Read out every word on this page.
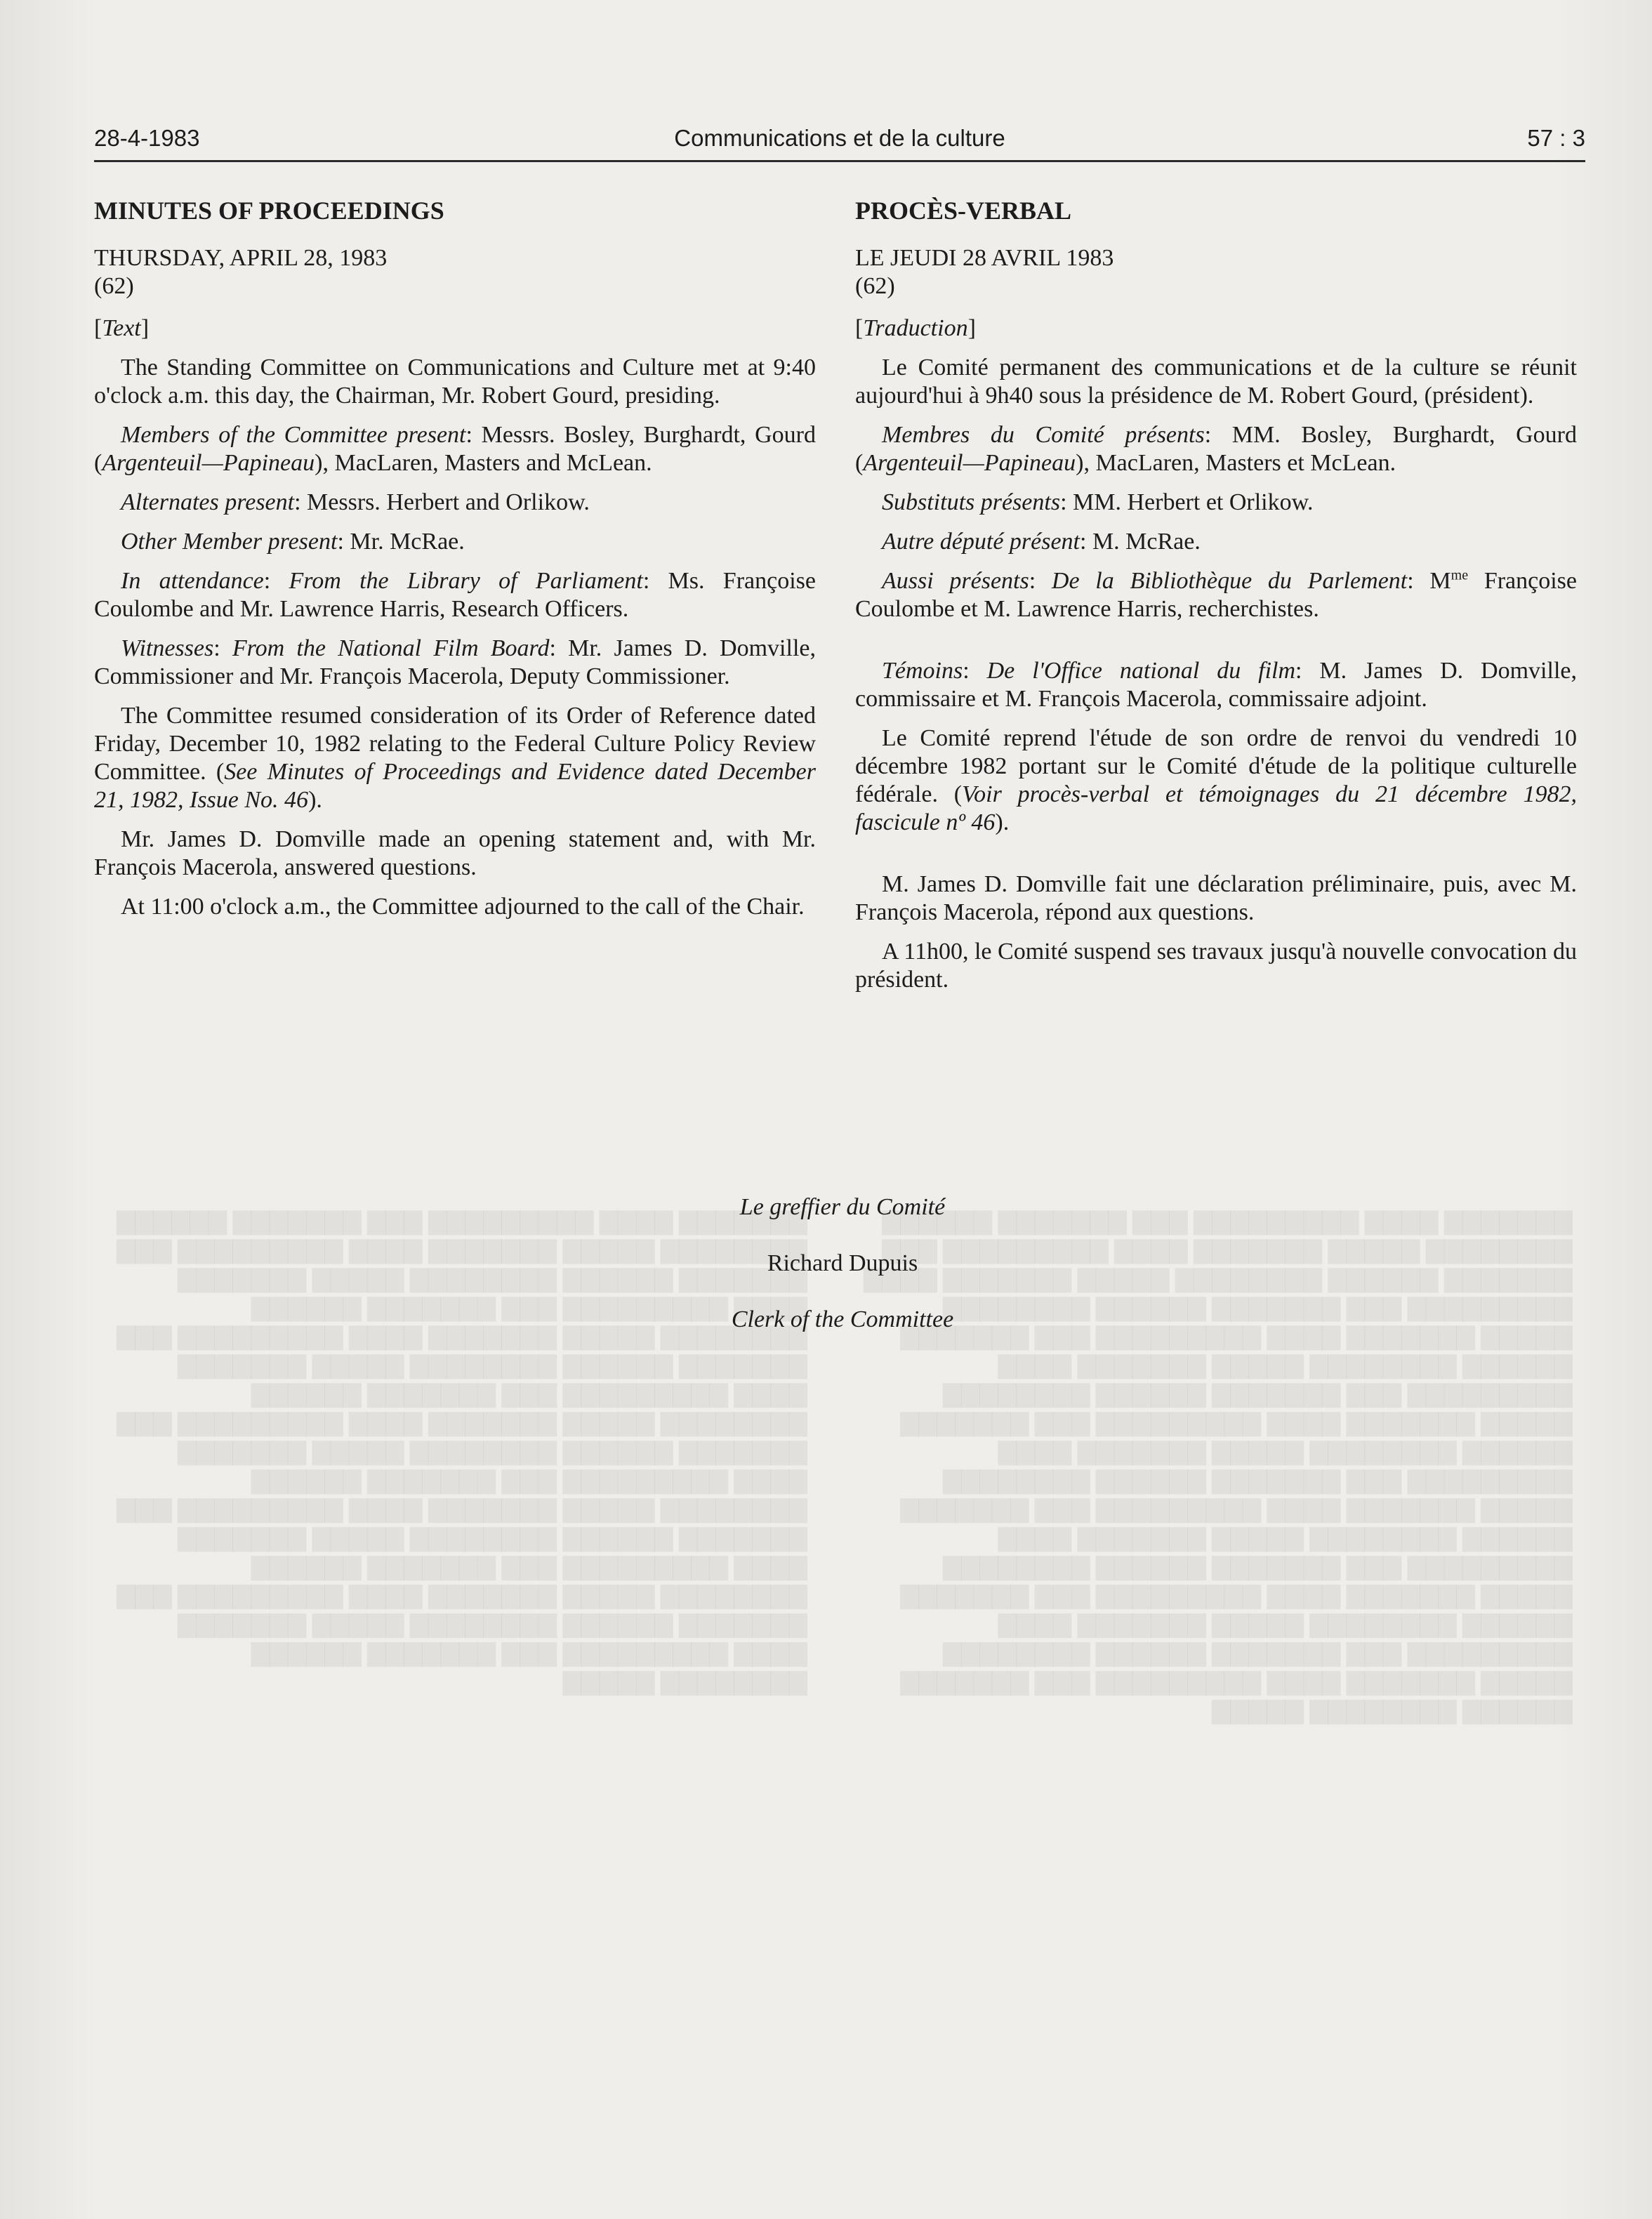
▇▇▇▇▇▇▇ ▇▇▇▇ ▇▇▇▇▇▇▇▇▇ ▇▇▇ ▇▇▇▇▇▇▇ ▇▇▇▇▇▇ ▇▇▇▇▇▇▇▇ ▇▇▇▇▇ ▇▇▇▇▇▇▇ ▇▇▇▇ ▇▇▇▇▇▇▇▇▇ ▇▇▇ ▇▇▇▇▇▇▇ ▇▇▇▇▇▇ ▇▇▇▇▇▇▇▇ ▇▇▇▇▇ ▇▇▇▇▇▇▇ ▇▇▇▇ ▇▇▇▇▇▇▇▇▇ ▇▇▇ ▇▇▇▇▇▇▇ ▇▇▇▇▇▇ ▇▇▇▇▇▇▇▇ ▇▇▇▇▇ ▇▇▇▇▇▇▇ ▇▇▇▇ ▇▇▇▇▇▇▇▇▇ ▇▇▇ ▇▇▇▇▇▇▇ ▇▇▇▇▇▇ ▇▇▇▇▇▇▇▇ ▇▇▇▇▇ ▇▇▇▇▇▇▇ ▇▇▇▇ ▇▇▇▇▇▇▇▇▇ ▇▇▇ ▇▇▇▇▇▇▇ ▇▇▇▇▇▇ ▇▇▇▇▇▇▇▇ ▇▇▇▇▇ ▇▇▇▇▇▇▇ ▇▇▇▇ ▇▇▇▇▇▇▇▇▇ ▇▇▇ ▇▇▇▇▇▇▇ ▇▇▇▇▇▇ ▇▇▇▇▇▇▇▇ ▇▇▇▇▇ ▇▇▇▇▇▇▇ ▇▇▇▇ ▇▇▇▇▇▇▇▇▇ ▇▇▇ ▇▇▇▇▇▇▇ ▇▇▇▇▇▇ ▇▇▇▇▇▇▇▇ ▇▇▇▇▇ ▇▇▇▇▇▇▇ ▇▇▇▇ ▇▇▇▇▇▇▇▇▇ ▇▇▇ ▇▇▇▇▇▇▇ ▇▇▇▇▇▇ ▇▇▇▇▇▇▇▇ ▇▇▇▇▇ ▇▇▇▇▇▇▇ ▇▇▇▇ ▇▇▇▇▇▇▇▇▇ ▇▇▇ ▇▇▇▇▇▇▇ ▇▇▇▇▇▇ ▇▇▇▇▇▇▇▇ ▇▇▇▇▇ ▇▇▇▇▇▇▇ ▇▇▇▇ ▇▇▇▇▇▇▇▇▇ ▇▇▇ ▇▇▇▇▇▇▇ ▇▇▇▇▇▇ ▇▇▇▇▇▇▇▇ ▇▇▇▇▇ ▇▇▇▇▇▇▇ ▇▇▇▇ ▇▇▇▇▇▇▇▇▇ ▇▇▇ ▇▇▇▇▇▇▇ ▇▇▇▇▇▇ ▇▇▇▇▇▇▇▇ ▇▇▇▇▇
▇▇▇▇▇▇▇ ▇▇▇▇ ▇▇▇▇▇▇▇▇▇ ▇▇▇ ▇▇▇▇▇▇▇ ▇▇▇▇▇▇ ▇▇▇▇▇▇▇▇ ▇▇▇▇▇ ▇▇▇▇▇▇▇ ▇▇▇▇ ▇▇▇▇▇▇▇▇▇ ▇▇▇ ▇▇▇▇▇▇▇ ▇▇▇▇▇▇ ▇▇▇▇▇▇▇▇ ▇▇▇▇▇ ▇▇▇▇▇▇▇ ▇▇▇▇ ▇▇▇▇▇▇▇▇▇ ▇▇▇ ▇▇▇▇▇▇▇ ▇▇▇▇▇▇ ▇▇▇▇▇▇▇▇ ▇▇▇▇▇ ▇▇▇▇▇▇▇ ▇▇▇▇ ▇▇▇▇▇▇▇▇▇ ▇▇▇ ▇▇▇▇▇▇▇ ▇▇▇▇▇▇ ▇▇▇▇▇▇▇▇ ▇▇▇▇▇ ▇▇▇▇▇▇▇ ▇▇▇▇ ▇▇▇▇▇▇▇▇▇ ▇▇▇ ▇▇▇▇▇▇▇ ▇▇▇▇▇▇ ▇▇▇▇▇▇▇▇ ▇▇▇▇▇ ▇▇▇▇▇▇▇ ▇▇▇▇ ▇▇▇▇▇▇▇▇▇ ▇▇▇ ▇▇▇▇▇▇▇ ▇▇▇▇▇▇ ▇▇▇▇▇▇▇▇ ▇▇▇▇▇ ▇▇▇▇▇▇▇ ▇▇▇▇ ▇▇▇▇▇▇▇▇▇ ▇▇▇ ▇▇▇▇▇▇▇ ▇▇▇▇▇▇ ▇▇▇▇▇▇▇▇ ▇▇▇▇▇ ▇▇▇▇▇▇▇ ▇▇▇▇ ▇▇▇▇▇▇▇▇▇ ▇▇▇ ▇▇▇▇▇▇▇ ▇▇▇▇▇▇ ▇▇▇▇▇▇▇▇ ▇▇▇▇▇ ▇▇▇▇▇▇▇ ▇▇▇▇ ▇▇▇▇▇▇▇▇▇ ▇▇▇ ▇▇▇▇▇▇▇ ▇▇▇▇▇▇ ▇▇▇▇▇▇▇▇ ▇▇▇▇▇ ▇▇▇▇▇▇▇ ▇▇▇▇ ▇▇▇▇▇▇▇▇▇ ▇▇▇ ▇▇▇▇▇▇▇ ▇▇▇▇▇▇ ▇▇▇▇▇▇▇▇ ▇▇▇▇▇ ▇▇▇▇▇▇▇ ▇▇▇▇ ▇▇▇▇▇▇▇▇▇ ▇▇▇ ▇▇▇▇▇▇▇ ▇▇▇▇▇▇ ▇▇▇▇▇▇▇▇ ▇▇▇▇▇ ▇▇▇▇▇▇▇ ▇▇▇▇ ▇▇▇▇▇▇▇▇▇ ▇▇▇ ▇▇▇▇▇▇▇ ▇▇▇▇▇▇ ▇▇▇▇▇▇▇▇ ▇▇▇▇▇
28-4-1983	Communications et de la culture	57 : 3
MINUTES OF PROCEEDINGS
THURSDAY, APRIL 28, 1983
(62)
[Text]

The Standing Committee on Communications and Culture met at 9:40 o'clock a.m. this day, the Chairman, Mr. Robert Gourd, presiding.

Members of the Committee present: Messrs. Bosley, Burghardt, Gourd (Argenteuil—Papineau), MacLaren, Masters and McLean.

Alternates present: Messrs. Herbert and Orlikow.

Other Member present: Mr. McRae.

In attendance: From the Library of Parliament: Ms. Françoise Coulombe and Mr. Lawrence Harris, Research Officers.

Witnesses: From the National Film Board: Mr. James D. Domville, Commissioner and Mr. François Macerola, Deputy Commissioner.

The Committee resumed consideration of its Order of Reference dated Friday, December 10, 1982 relating to the Federal Culture Policy Review Committee. (See Minutes of Proceedings and Evidence dated December 21, 1982, Issue No. 46).

Mr. James D. Domville made an opening statement and, with Mr. François Macerola, answered questions.

At 11:00 o'clock a.m., the Committee adjourned to the call of the Chair.

PROCÈS-VERBAL
LE JEUDI 28 AVRIL 1983
(62)
[Traduction]

Le Comité permanent des communications et de la culture se réunit aujourd'hui à 9h40 sous la présidence de M. Robert Gourd, (président).

Membres du Comité présents: MM. Bosley, Burghardt, Gourd (Argenteuil—Papineau), MacLaren, Masters et McLean.

Substituts présents: MM. Herbert et Orlikow.

Autre député présent: M. McRae.

Aussi présents: De la Bibliothèque du Parlement: $M^{me}$ Françoise Coulombe et M. Lawrence Harris, recherchistes.

Témoins: De l'Office national du film: M. James D. Domville, commissaire et M. François Macerola, commissaire adjoint.

Le Comité reprend l'étude de son ordre de renvoi du vendredi 10 décembre 1982 portant sur le Comité d'étude de la politique culturelle fédérale. (Voir procès-verbal et témoignages du 21 décembre 1982, fascicule nº 46).

M. James D. Domville fait une déclaration préliminaire, puis, avec M. François Macerola, répond aux questions.

A 11h00, le Comité suspend ses travaux jusqu'à nouvelle convocation du président.

Le greffier du Comité
Richard Dupuis
Clerk of the Committee
